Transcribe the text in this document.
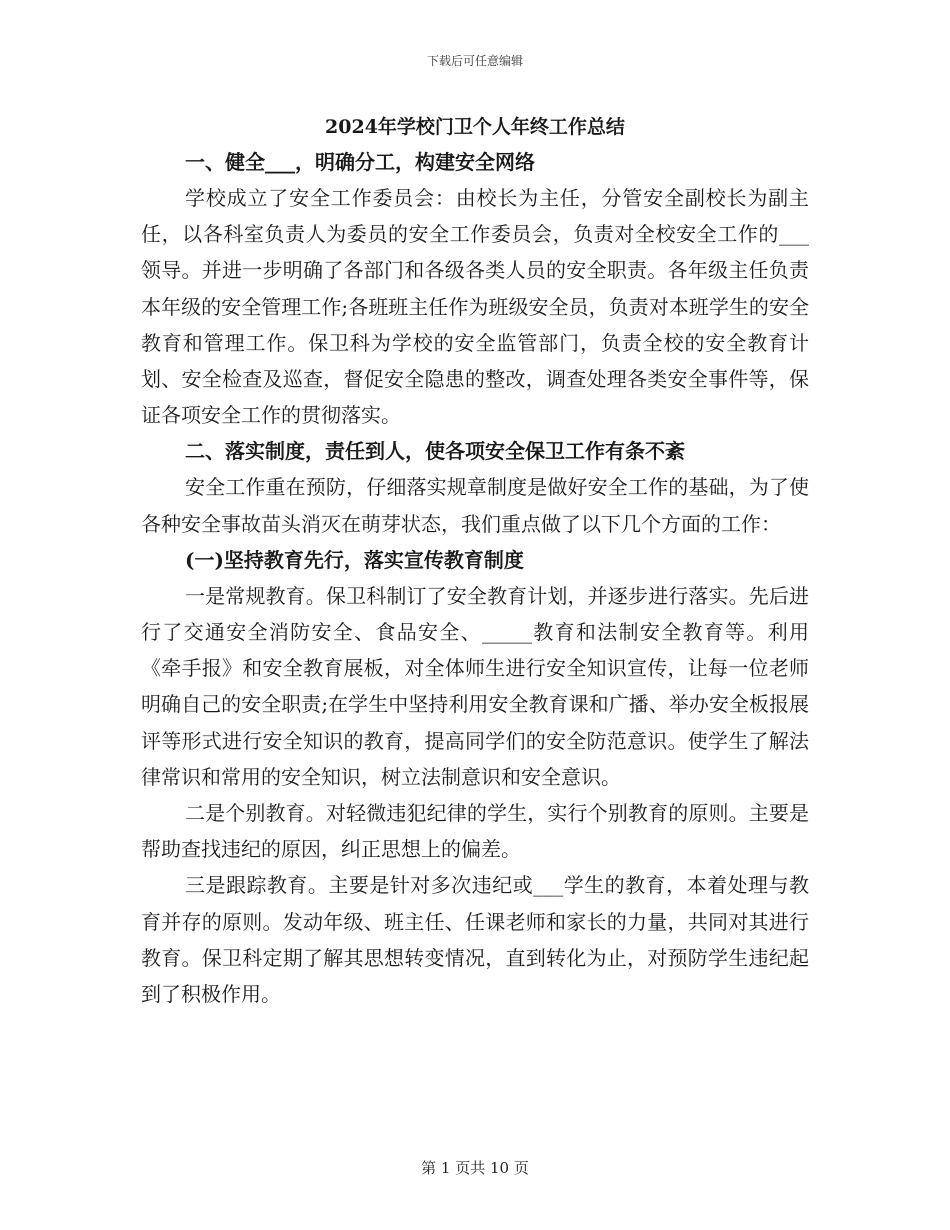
下载后可任意编辑
2024年学校门卫个人年终工作总结

一、健全___，明确分工，构建安全网络

学校成立了安全工作委员会：由校长为主任，分管安全副校长为副主任，以各科室负责人为委员的安全工作委员会，负责对全校安全工作的___领导。并进一步明确了各部门和各级各类人员的安全职责。各年级主任负责本年级的安全管理工作;各班班主任作为班级安全员，负责对本班学生的安全教育和管理工作。保卫科为学校的安全监管部门，负责全校的安全教育计划、安全检查及巡查，督促安全隐患的整改，调查处理各类安全事件等，保证各项安全工作的贯彻落实。

二、落实制度，责任到人，使各项安全保卫工作有条不紊

安全工作重在预防，仔细落实规章制度是做好安全工作的基础，为了使各种安全事故苗头消灭在萌芽状态，我们重点做了以下几个方面的工作：

(一)坚持教育先行，落实宣传教育制度

一是常规教育。保卫科制订了安全教育计划，并逐步进行落实。先后进行了交通安全消防安全、食品安全、_____教育和法制安全教育等。利用《牵手报》和安全教育展板，对全体师生进行安全知识宣传，让每一位老师明确自己的安全职责;在学生中坚持利用安全教育课和广播、举办安全板报展评等形式进行安全知识的教育，提高同学们的安全防范意识。使学生了解法律常识和常用的安全知识，树立法制意识和安全意识。

二是个别教育。对轻微违犯纪律的学生，实行个别教育的原则。主要是帮助查找违纪的原因，纠正思想上的偏差。

三是跟踪教育。主要是针对多次违纪或___学生的教育，本着处理与教育并存的原则。发动年级、班主任、任课老师和家长的力量，共同对其进行教育。保卫科定期了解其思想转变情况，直到转化为止，对预防学生违纪起到了积极作用。

第 1 页共 10 页
